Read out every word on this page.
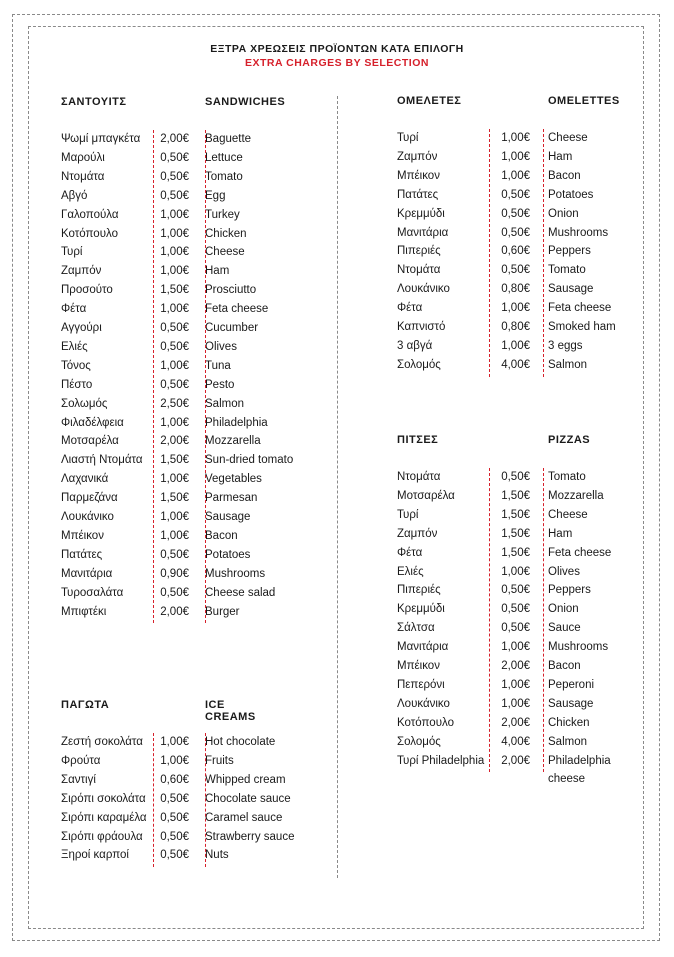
ΕΞΤΡΑ ΧΡΕΩΣΕΙΣ ΠΡΟΪΟΝΤΩΝ ΚΑΤΑ ΕΠΙΛΟΓΗ
EXTRA CHARGES BY SELECTION
ΣΑΝΤΟΥΙΤΣ	SANDWICHES
Ψωμί μπαγκέτα	2,00€ Baguette
Μαρούλι	0,50€ Lettuce
Ντομάτα	0,50€ Tomato
Αβγό	0,50€ Egg
Γαλοπούλα	1,00€ Turkey
Κοτόπουλο	1,00€ Chicken
Τυρί	1,00€ Cheese
Ζαμπόν	1,00€ Ham
Προσούτο	1,50€ Prosciutto
Φέτα	1,00€ Feta cheese
Αγγούρι	0,50€ Cucumber
Ελιές	0,50€ Olives
Τόνος	1,00€ Tuna
Πέστο	0,50€ Pesto
Σολωμός	2,50€ Salmon
Φιλαδέλφεια	1,00€ Philadelphia
Μοτσαρέλα	2,00€ Mozzarella
Λιαστή Ντομάτα	1,50€ Sun-dried tomato
Λαχανικά	1,00€ Vegetables
Παρμεζάνα	1,50€ Parmesan
Λουκάνικο	1,00€ Sausage
Μπέικον	1,00€ Bacon
Πατάτες	0,50€ Potatoes
Μανιτάρια	0,90€ Mushrooms
Τυροσαλάτα	0,50€ Cheese salad
Μπιφτέκι	2,00€ Burger
ΠΑΓΩΤΑ	ICE CREAMS
Ζεστή σοκολάτα	1,00€ Hot chocolate
Φρούτα	1,00€ Fruits
Σαντιγί	0,60€ Whipped cream
Σιρόπι σοκολάτα	0,50€ Chocolate sauce
Σιρόπι καραμέλα	0,50€ Caramel sauce
Σιρόπι φράουλα	0,50€ Strawberry sauce
Ξηροί καρποί	0,50€ Nuts
ΟΜΕΛΕΤΕΣ	OMELETTES
Τυρί	1,00€ Cheese
Ζαμπόν	1,00€ Ham
Μπέικον	1,00€ Bacon
Πατάτες	0,50€ Potatoes
Κρεμμύδι	0,50€ Onion
Μανιτάρια	0,50€ Mushrooms
Πιπεριές	0,60€ Peppers
Ντομάτα	0,50€ Tomato
Λουκάνικο	0,80€ Sausage
Φέτα	1,00€ Feta cheese
Καπνιστό	0,80€ Smoked ham
3 αβγά	1,00€ 3 eggs
Σολομός	4,00€ Salmon
ΠΙΤΣΕΣ	PIZZAS
Ντομάτα	0,50€ Tomato
Μοτσαρέλα	1,50€ Mozzarella
Τυρί	1,50€ Cheese
Ζαμπόν	1,50€ Ham
Φέτα	1,50€ Feta cheese
Ελιές	1,00€ Olives
Πιπεριές	0,50€ Peppers
Κρεμμύδι	0,50€ Onion
Σάλτσα	0,50€ Sauce
Μανιτάρια	1,00€ Mushrooms
Μπέικον	2,00€ Bacon
Πεπερόνι	1,00€ Peperoni
Λουκάνικο	1,00€ Sausage
Κοτόπουλο	2,00€ Chicken
Σολομός	4,00€ Salmon
Τυρί Philadelphia	2,00€ Philadelphia
cheese
